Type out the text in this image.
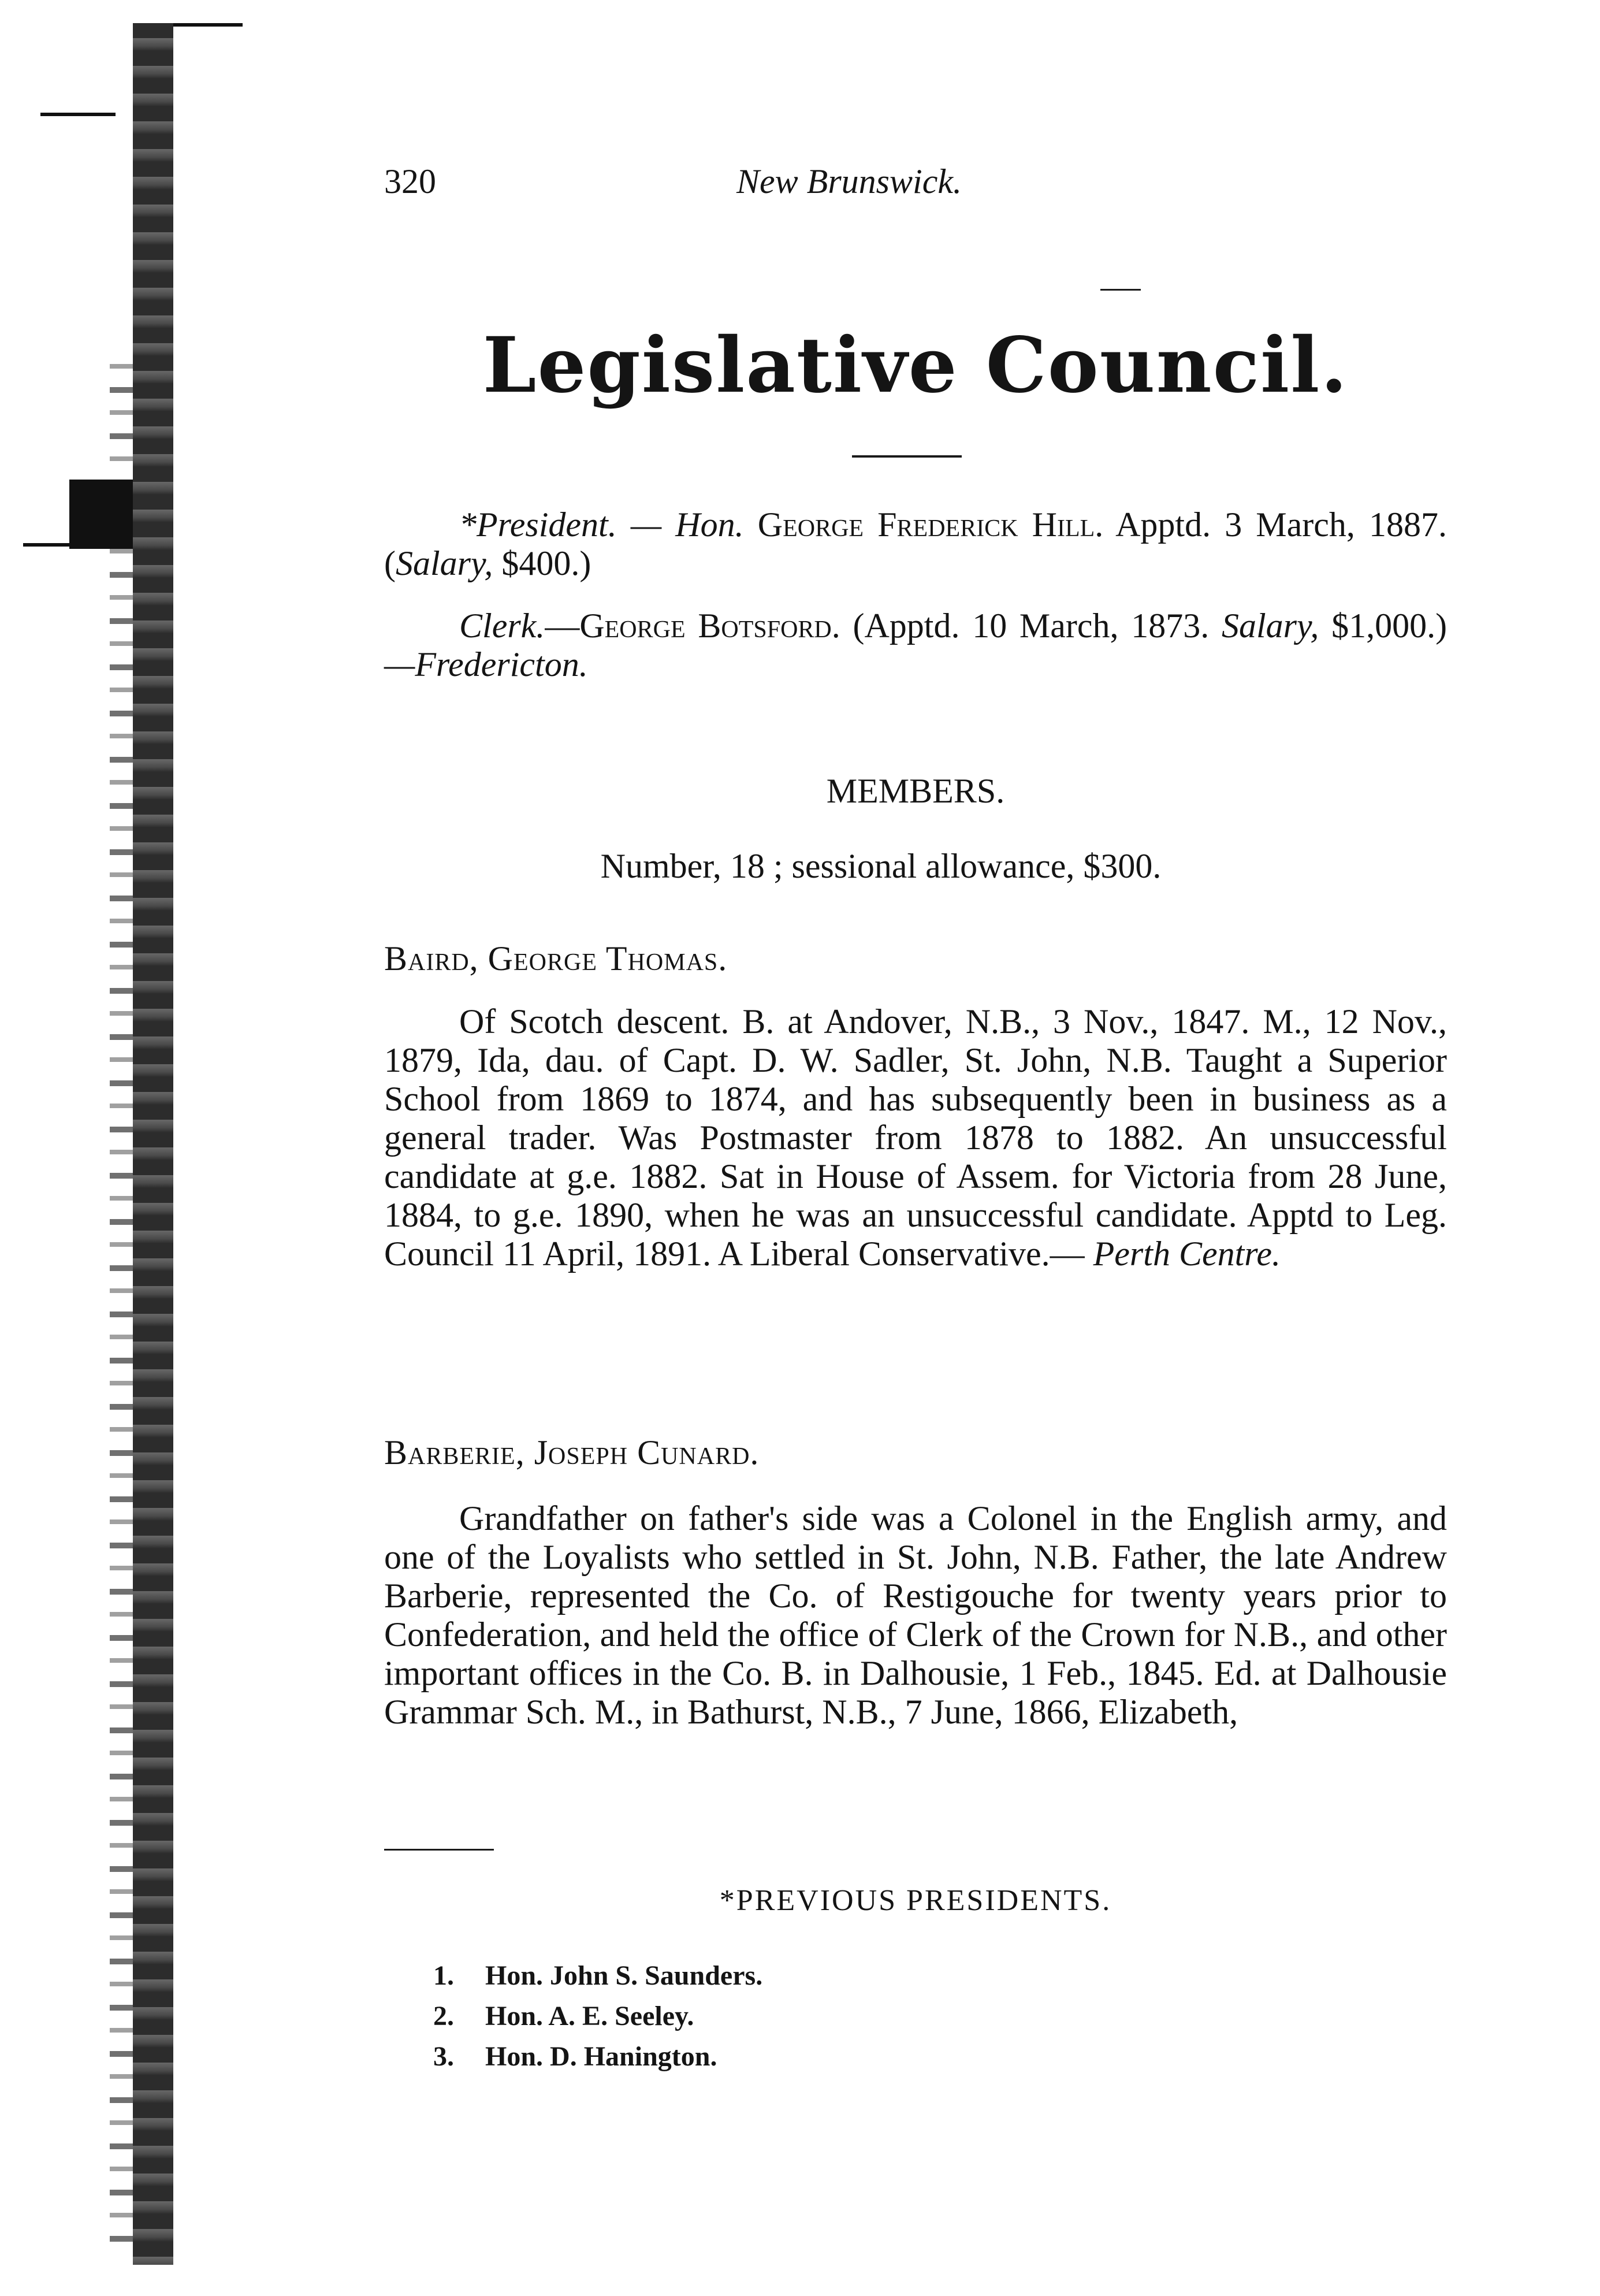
320	New Brunswick.
Legislative Council.
*President. — Hon. George Frederick Hill. Apptd. 3 March, 1887. (Salary, $400.)
Clerk.—George Botsford. (Apptd. 10 March, 1873. Salary, $1,000.)—Fredericton.
MEMBERS.
Number, 18 ; sessional allowance, $300.
Baird, George Thomas.
Of Scotch descent. B. at Andover, N.B., 3 Nov., 1847. M., 12 Nov., 1879, Ida, dau. of Capt. D. W. Sadler, St. John, N.B. Taught a Superior School from 1869 to 1874, and has subsequently been in business as a general trader. Was Postmaster from 1878 to 1882. An unsuccessful candidate at g.e. 1882. Sat in House of Assem. for Victoria from 28 June, 1884, to g.e. 1890, when he was an unsuccessful candidate. Apptd to Leg. Council 11 April, 1891. A Liberal Conservative.— Perth Centre.
Barberie, Joseph Cunard.
Grandfather on father's side was a Colonel in the English army, and one of the Loyalists who settled in St. John, N.B. Father, the late Andrew Barberie, represented the Co. of Restigouche for twenty years prior to Confederation, and held the office of Clerk of the Crown for N.B., and other important offices in the Co. B. in Dalhousie, 1 Feb., 1845. Ed. at Dalhousie Grammar Sch. M., in Bathurst, N.B., 7 June, 1866, Elizabeth,
*PREVIOUS PRESIDENTS.
1.	Hon. John S. Saunders.
2.	Hon. A. E. Seeley.
3.	Hon. D. Hanington.
